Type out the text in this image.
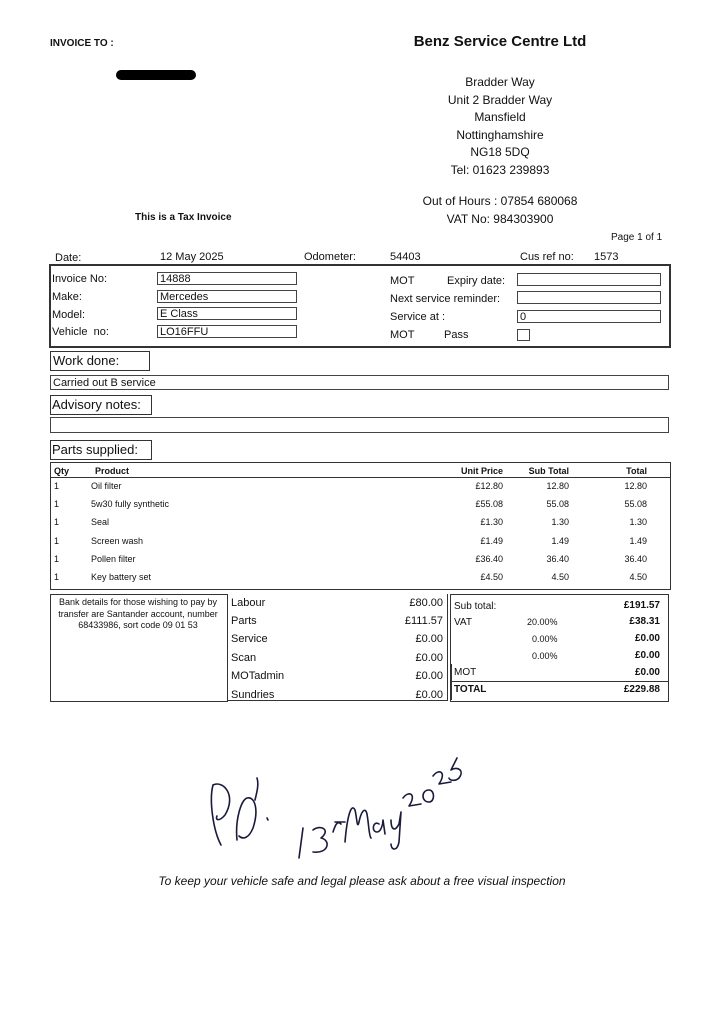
INVOICE TO :	Benz Service Centre Ltd
Bradder Way
Unit 2 Bradder Way
Mansfield
Nottinghamshire
NG18 5DQ
Tel: 01623 239893
Out of Hours : 07854 680068
VAT No: 984303900
This is a Tax Invoice
Page 1 of 1
Date:	12 May 2025	Odometer:	54403	Cus ref no: 1573
Invoice No:	14888
Make:	Mercedes
Model:	E Class
Vehicle  no:	LO16FFU
MOT	Expiry date:
Next service reminder:
Service at :	0
MOT	Pass
Work done:
Carried out B service
Advisory notes:
Parts supplied:
Qty	Product	Unit Price	Sub Total	Total
1	Oil filter	£12.80	12.80	12.80
1	5w30 fully synthetic	£55.08	55.08	55.08
1	Seal	£1.30	1.30	1.30
1	Screen wash	£1.49	1.49	1.49
1	Pollen filter	£36.40	36.40	36.40
1	Key battery set	£4.50	4.50	4.50
Bank details for those wishing to pay by transfer are Santander account, number 68433986, sort code 09 01 53
Labour	£80.00
Parts	£111.57
Service	£0.00
Scan	£0.00
MOTadmin	£0.00
Sundries	£0.00
Sub total:	£191.57
VAT	20.00%	£38.31
0.00%	£0.00
0.00%	£0.00
MOT	£0.00
TOTAL	£229.88
To keep your vehicle safe and legal please ask about a free visual inspection
